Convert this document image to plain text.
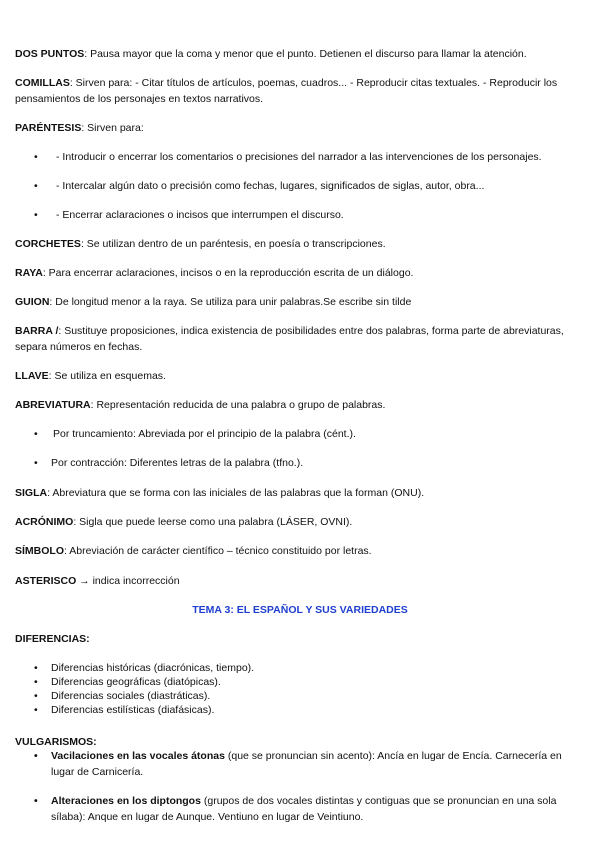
DOS PUNTOS: Pausa mayor que la coma y menor que el punto. Detienen el discurso para llamar la atención.

COMILLAS: Sirven para: - Citar títulos de artículos, poemas, cuadros... - Reproducir citas textuales. - Reproducir los pensamientos de los personajes en textos narrativos.

PARÉNTESIS: Sirven para:

• - Introducir o encerrar los comentarios o precisiones del narrador a las intervenciones de los personajes.
• - Intercalar algún dato o precisión como fechas, lugares, significados de siglas, autor, obra...
• - Encerrar aclaraciones o incisos que interrumpen el discurso.

CORCHETES: Se utilizan dentro de un paréntesis, en poesía o transcripciones.

RAYA: Para encerrar aclaraciones, incisos o en la reproducción escrita de un diálogo.

GUION: De longitud menor a la raya. Se utiliza para unir palabras.Se escribe sin tilde

BARRA /: Sustituye proposiciones, indica existencia de posibilidades entre dos palabras, forma parte de abreviaturas, separa números en fechas.

LLAVE: Se utiliza en esquemas.

ABREVIATURA: Representación reducida de una palabra o grupo de palabras.

• Por truncamiento: Abreviada por el principio de la palabra (cént.).
• Por contracción: Diferentes letras de la palabra (tfno.).

SIGLA: Abreviatura que se forma con las iniciales de las palabras que la forman (ONU).

ACRÓNIMO: Sigla que puede leerse como una palabra (LÁSER, OVNI).

SÍMBOLO: Abreviación de carácter científico – técnico constituido por letras.

ASTERISCO → indica incorrección

TEMA 3: EL ESPAÑOL Y SUS VARIEDADES

DIFERENCIAS:

• Diferencias históricas (diacrónicas, tiempo).
• Diferencias geográficas (diatópicas).
• Diferencias sociales (diastráticas).
• Diferencias estilísticas (diafásicas).

VULGARISMOS:

• Vacilaciones en las vocales átonas (que se pronuncian sin acento): Ancía en lugar de Encía. Carnecería en lugar de Carnicería.
• Alteraciones en los diptongos (grupos de dos vocales distintas y contiguas que se pronuncian en una sola sílaba): Anque en lugar de Aunque. Ventiuno en lugar de Veintiuno.
